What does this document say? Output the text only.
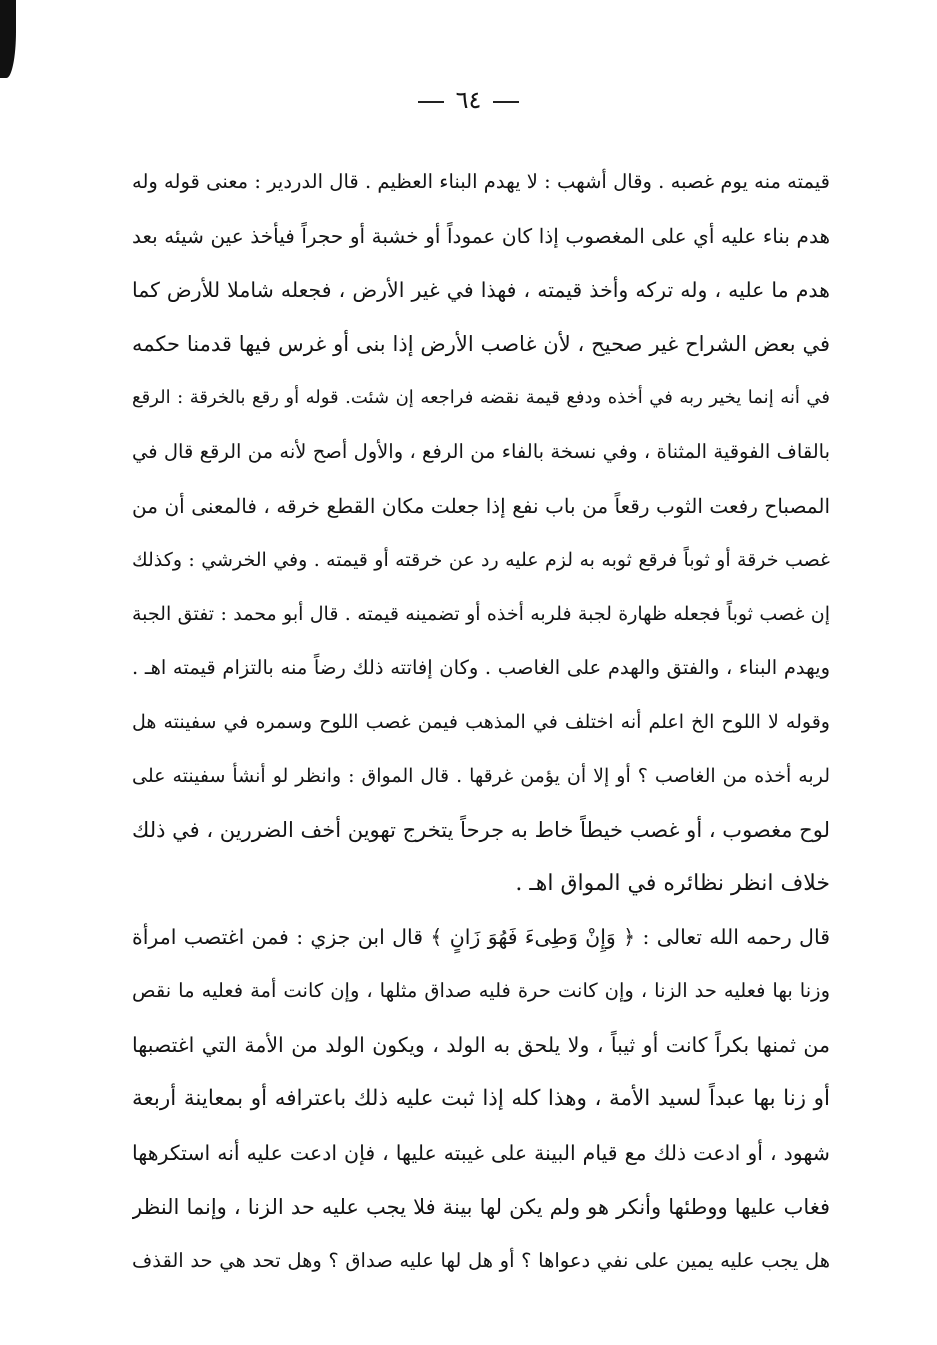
٦٤
قيمته منه يوم غصبه . وقال أشهب : لا يهدم البناء العظيم . قال الدردير : معنى قوله وله
هدم بناء عليه أي على المغصوب إذا كان عموداً أو خشبة أو حجراً فيأخذ عين شيئه بعد
هدم ما عليه ، وله تركه وأخذ قيمته ، فهذا في غير الأرض ، فجعله شاملا للأرض كما
في بعض الشراح غير صحيح ، لأن غاصب الأرض إذا بنى أو غرس فيها قدمنا حكمه
في أنه إنما يخير ربه في أخذه ودفع قيمة نقضه فراجعه إن شئت. قوله أو رقع بالخرقة : الرقع
بالقاف الفوقية المثناة ، وفي نسخة بالفاء من الرفع ، والأول أصح لأنه من الرقع قال في
المصباح رفعت الثوب رقعاً من باب نفع إذا جعلت مكان القطع خرقه ، فالمعنى أن من
غصب خرقة أو ثوباً فرقع ثوبه به لزم عليه رد عن خرقته أو قيمته . وفي الخرشي : وكذلك
إن غصب ثوباً فجعله ظهارة لجبة فلربه أخذه أو تضمينه قيمته . قال أبو محمد : تفتق الجبة
ويهدم البناء ، والفتق والهدم على الغاصب . وكان إفاتته ذلك رضاً منه بالتزام قيمته اهـ .
وقوله لا اللوح الخ اعلم أنه اختلف في المذهب فيمن غصب اللوح وسمره في سفينته هل
لربه أخذه من الغاصب ؟ أو إلا أن يؤمن غرقها . قال المواق : وانظر لو أنشأ سفينته على
لوح مغصوب ، أو غصب خيطاً خاط به جرحاً يتخرج تهوين أخف الضررين ، في ذلك
خلاف انظر نظائره في المواق اهـ .
قال رحمه الله تعالى : ﴿ وَإِنْ وَطِىءَ فَهُوَ زَانٍ ﴾ قال ابن جزي : فمن اغتصب امرأة
وزنا بها فعليه حد الزنا ، وإن كانت حرة فليه صداق مثلها ، وإن كانت أمة فعليه ما نقص
من ثمنها بكراً كانت أو ثيباً ، ولا يلحق به الولد ، ويكون الولد من الأمة التي اغتصبها
أو زنا بها عبداً لسيد الأمة ، وهذا كله إذا ثبت عليه ذلك باعترافه أو بمعاينة أربعة
شهود ، أو ادعت ذلك مع قيام البينة على غيبته عليها ، فإن ادعت عليه أنه استكرهها
فغاب عليها ووطئها وأنكر هو ولم يكن لها بينة فلا يجب عليه حد الزنا ، وإنما النظر
هل يجب عليه يمين على نفي دعواها ؟ أو هل لها عليه صداق ؟ وهل تحد هي حد القذف
